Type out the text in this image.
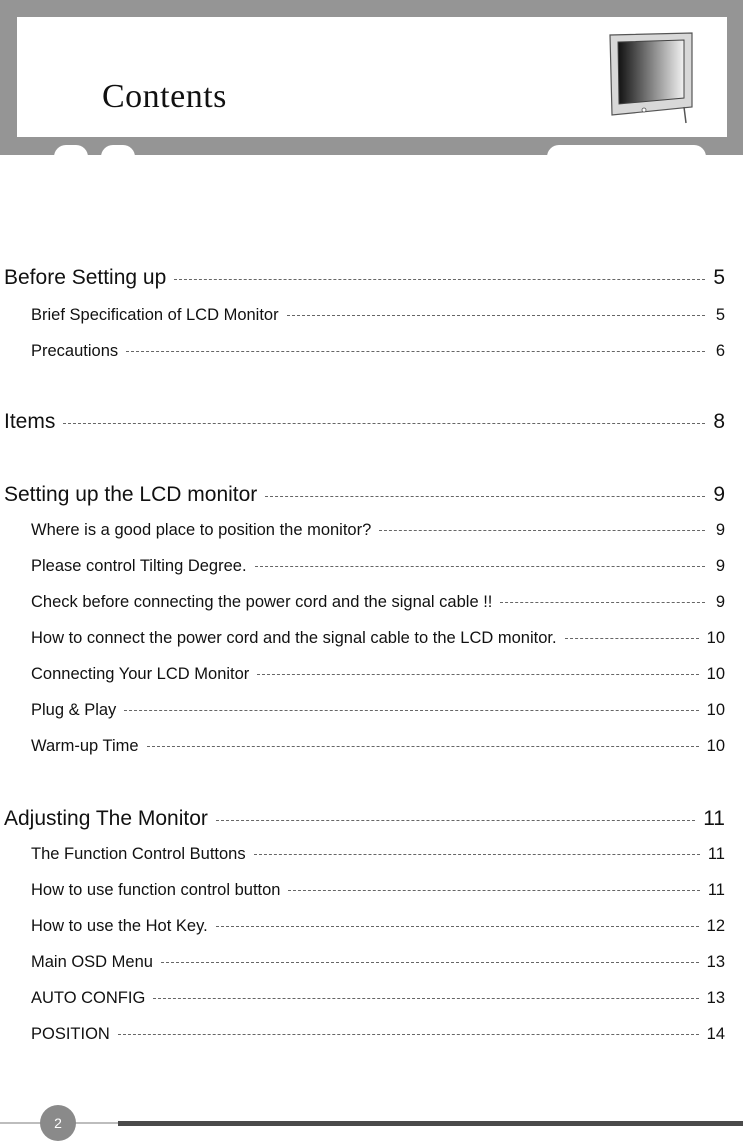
Contents
Before Setting up	5
Brief Specification of LCD Monitor	5
Precautions	6
Items	8
Setting up the LCD monitor	9
Where is a good place to position the monitor?	9
Please control Tilting Degree.	9
Check before connecting the power cord and the signal cable !!	9
How to connect the power cord and the signal cable to the LCD monitor.	10
Connecting Your LCD Monitor	10
Plug & Play	10
Warm-up Time	10
Adjusting The Monitor	11
The Function Control Buttons	11
How to use function control button	11
How to use the Hot Key.	12
Main OSD Menu	13
AUTO CONFIG	13
POSITION	14
2
